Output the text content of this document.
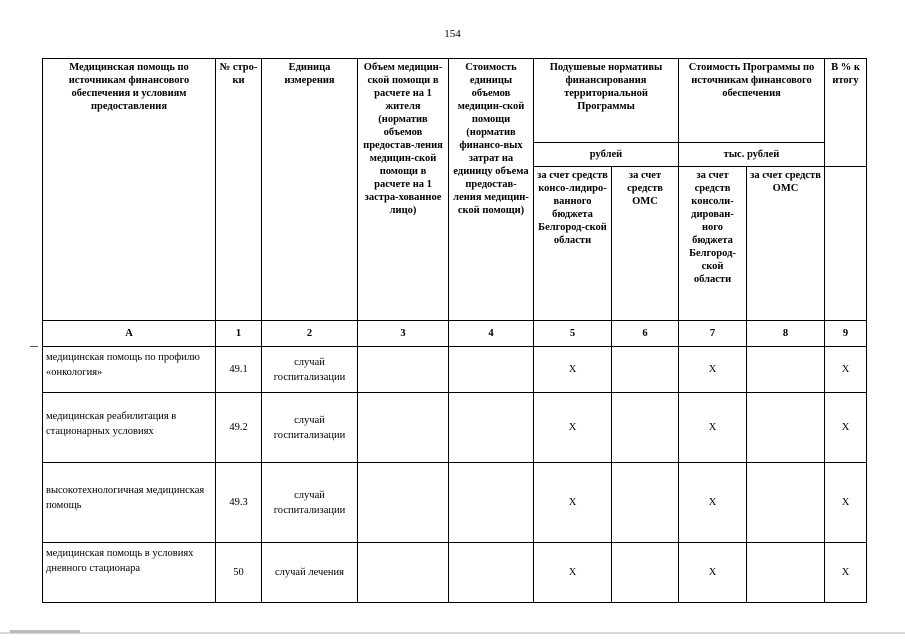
154
Медицинская помощь по источникам финансового обеспечения и условиям предоставления	№ стро-ки	Единица измерения	Объем медицин-ской помощи в расчете на 1 жителя (норматив объемов предостав-ления медицин-ской помощи в расчете на 1 застра-хованное лицо)	Стоимость единицы объемов медицин-ской помощи (норматив финансо-вых затрат на единицу объема предостав-ления медицин-ской помощи)	Подушевые нормативы финансирования территориальной Программы		Стоимость Программы по источникам финансового обеспечения		В % к итогу
					рублей		тыс. рублей		
					за счет средств консо-лидиро-ванного бюджета Белгород-ской области	за счет средств ОМС	за счет средств консоли-дирован-ного бюджета Белгород-ской области	за счет средств ОМС	
А	1	2	3	4	5	6	7	8	9
медицинская помощь по профилю «онкология»	49.1	случай госпитализации			X		X		X
медицинская реабилитация в стационарных условиях	49.2	случай госпитализации			X		X		X
высокотехнологичная медицинская помощь	49.3	случай госпитализации			X		X		X
медицинская помощь в условиях дневного стационара	50	случай лечения			X		X		X
